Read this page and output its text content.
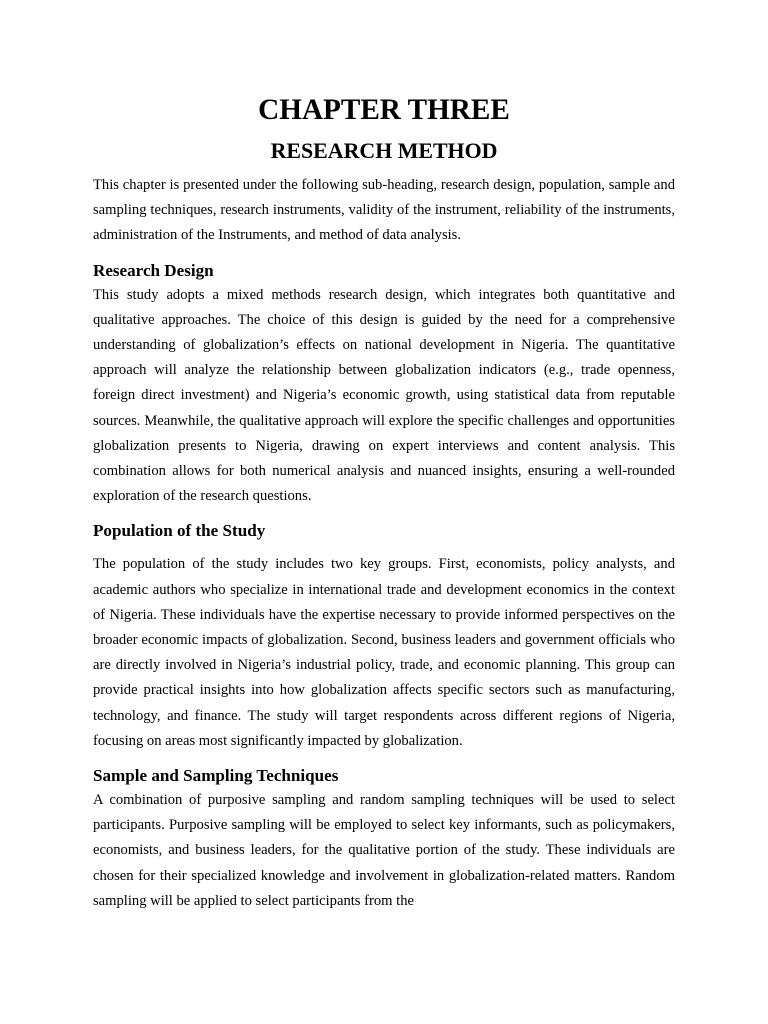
CHAPTER THREE
RESEARCH METHOD

This chapter is presented under the following sub-heading, research design, population, sample and sampling techniques, research instruments, validity of the instrument, reliability of the instruments, administration of the Instruments, and method of data analysis.

Research Design

This study adopts a mixed methods research design, which integrates both quantitative and qualitative approaches. The choice of this design is guided by the need for a comprehensive understanding of globalization’s effects on national development in Nigeria. The quantitative approach will analyze the relationship between globalization indicators (e.g., trade openness, foreign direct investment) and Nigeria’s economic growth, using statistical data from reputable sources. Meanwhile, the qualitative approach will explore the specific challenges and opportunities globalization presents to Nigeria, drawing on expert interviews and content analysis. This combination allows for both numerical analysis and nuanced insights, ensuring a well-rounded exploration of the research questions.

Population of the Study

The population of the study includes two key groups. First, economists, policy analysts, and academic authors who specialize in international trade and development economics in the context of Nigeria. These individuals have the expertise necessary to provide informed perspectives on the broader economic impacts of globalization. Second, business leaders and government officials who are directly involved in Nigeria’s industrial policy, trade, and economic planning. This group can provide practical insights into how globalization affects specific sectors such as manufacturing, technology, and finance. The study will target respondents across different regions of Nigeria, focusing on areas most significantly impacted by globalization.

Sample and Sampling Techniques

A combination of purposive sampling and random sampling techniques will be used to select participants. Purposive sampling will be employed to select key informants, such as policymakers, economists, and business leaders, for the qualitative portion of the study. These individuals are chosen for their specialized knowledge and involvement in globalization-related matters. Random sampling will be applied to select participants from the
